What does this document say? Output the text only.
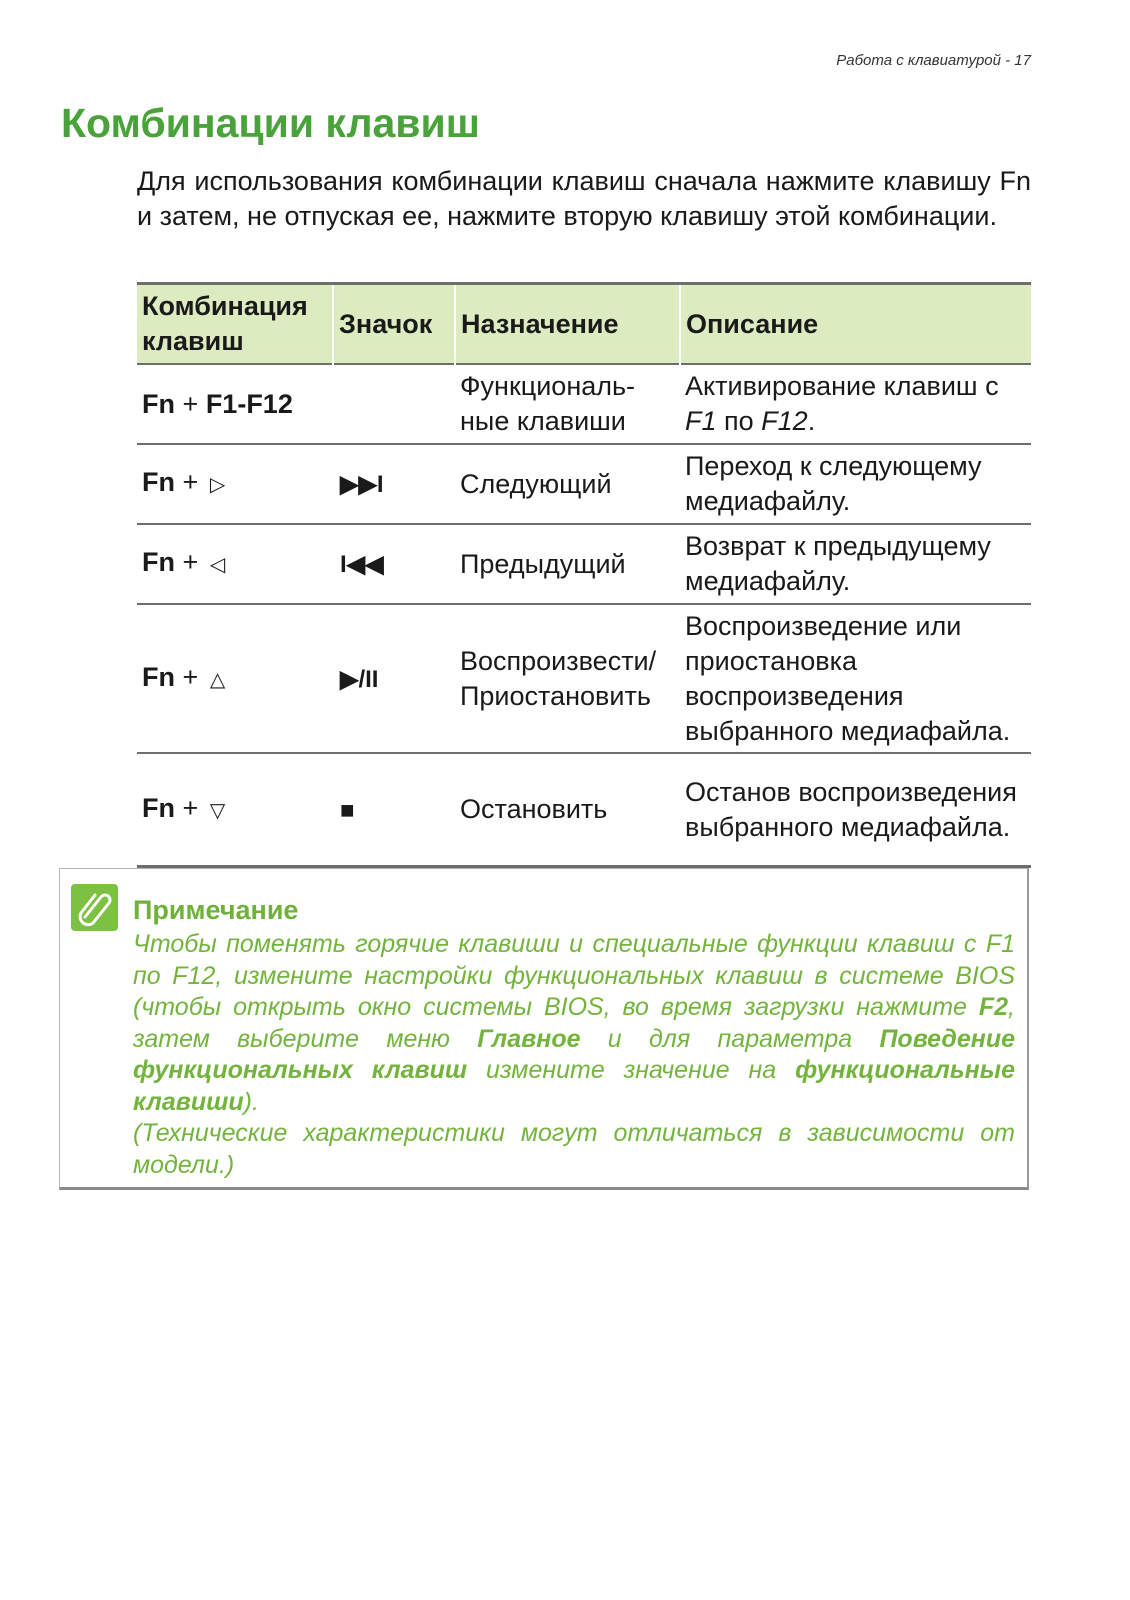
Работа с клавиатурой - 17
Комбинации клавиш

Для использования комбинации клавиш сначала нажмите клавишу Fn и затем, не отпуская ее, нажмите вторую клавишу этой комбинации.

Комбинация клавиш	Значок	Назначение	Описание
Fn + F1-F12		Функциональ-ные клавиши	Активирование клавиш с F1 по F12.
Fn + ▷	▶▶I	Следующий	Переход к следующему медиафайлу.
Fn + ◁	I◀◀	Предыдущий	Возврат к предыдущему медиафайлу.
Fn + △	▶/II	Воспроизвести/ Приостановить	Воспроизведение или приостановка воспроизведения выбранного медиафайла.
Fn + ▽	■	Остановить	Останов воспроизведения выбранного медиафайла.
Примечание

Чтобы поменять горячие клавиши и специальные функции клавиш с F1 по F12, измените настройки функциональных клавиш в системе BIOS (чтобы открыть окно системы BIOS, во время загрузки нажмите F2, затем выберите меню Главное и для параметра Поведение функциональных клавиш измените значение на функциональные клавиши).
(Технические характеристики могут отличаться в зависимости от модели.)
